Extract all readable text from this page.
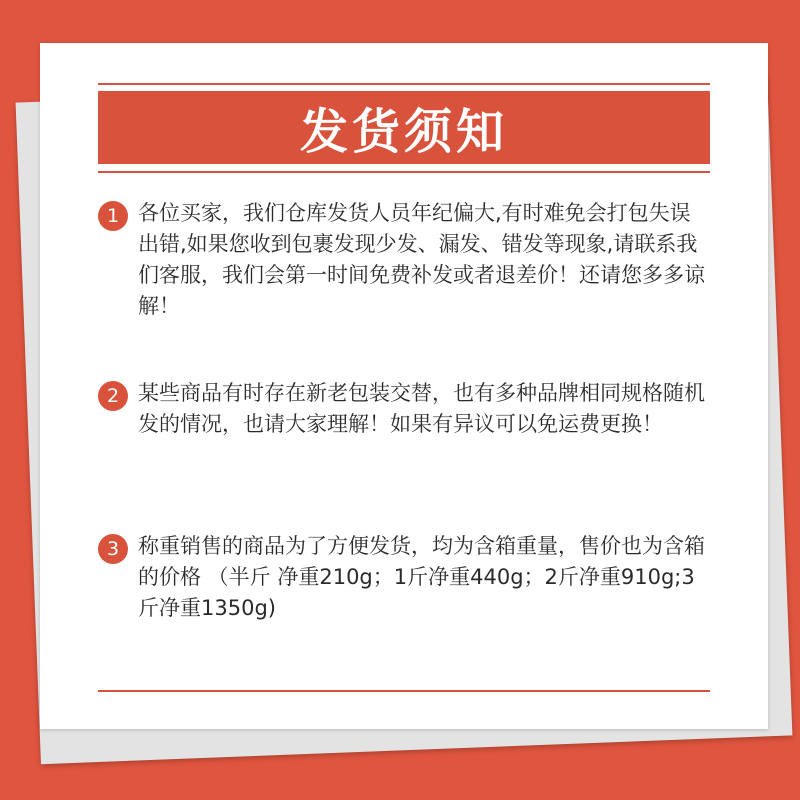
发货须知
1 各位买家，我们仓库发货人员年纪偏大,有时难免会打包失误出错,如果您收到包裹发现少发、漏发、错发等现象,请联系我们客服，我们会第一时间免费补发或者退差价！还请您多多谅解！

2 某些商品有时存在新老包装交替，也有多种品牌相同规格随机发的情况，也请大家理解！如果有异议可以免运费更换！

3 称重销售的商品为了方便发货，均为含箱重量，售价也为含箱的价格 （半斤 净重210g；1斤净重440g；2斤净重910g;3斤净重1350g)
